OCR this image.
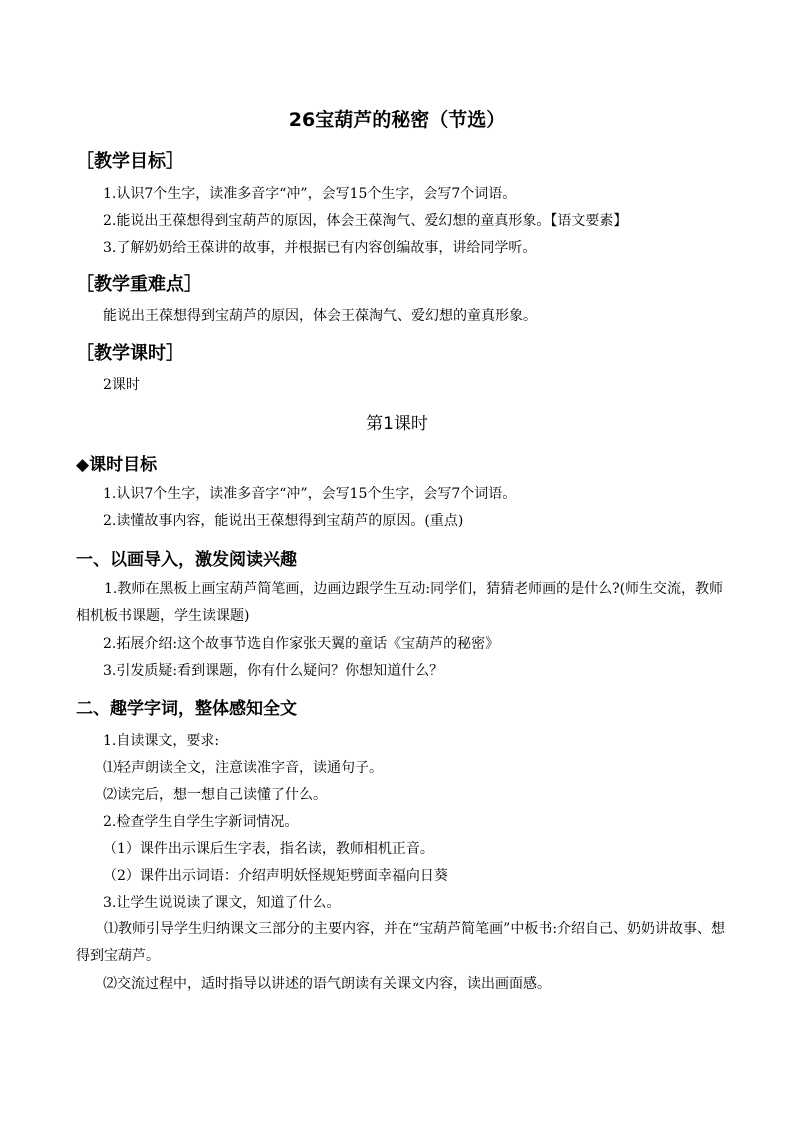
26宝葫芦的秘密（节选）
［教学目标］
1.认识7个生字，读准多音字“冲”，会写15个生字，会写7个词语。
2.能说出王葆想得到宝葫芦的原因，体会王葆淘气、爱幻想的童真形象。【语文要素】
3.了解奶奶给王葆讲的故事，并根据已有内容创编故事，讲给同学听。
［教学重难点］
能说出王葆想得到宝葫芦的原因，体会王葆淘气、爱幻想的童真形象。
［教学课时］
2课时
第1课时
◆课时目标
1.认识7个生字，读准多音字“冲”，会写15个生字，会写7个词语。
2.读懂故事内容，能说出王葆想得到宝葫芦的原因。(重点)
一、以画导入，激发阅读兴趣
1.教师在黑板上画宝葫芦简笔画，边画边跟学生互动:同学们，猜猜老师画的是什么?(师生交流，教师相机板书课题，学生读课题)
2.拓展介绍:这个故事节选自作家张天翼的童话《宝葫芦的秘密》
3.引发质疑:看到课题，你有什么疑问？你想知道什么？
二、趣学字词，整体感知全文
1.自读课文，要求:
⑴轻声朗读全文，注意读准字音，读通句子。
⑵读完后，想一想自己读懂了什么。
2.检查学生自学生字新词情况。
（1）课件出示课后生字表，指名读，教师相机正音。
（2）课件出示词语：介绍声明妖怪规矩劈面幸福向日葵
3.让学生说说读了课文，知道了什么。
⑴教师引导学生归纳课文三部分的主要内容，并在“宝葫芦简笔画”中板书:介绍自己、奶奶讲故事、想得到宝葫芦。
⑵交流过程中，适时指导以讲述的语气朗读有关课文内容，读出画面感。
